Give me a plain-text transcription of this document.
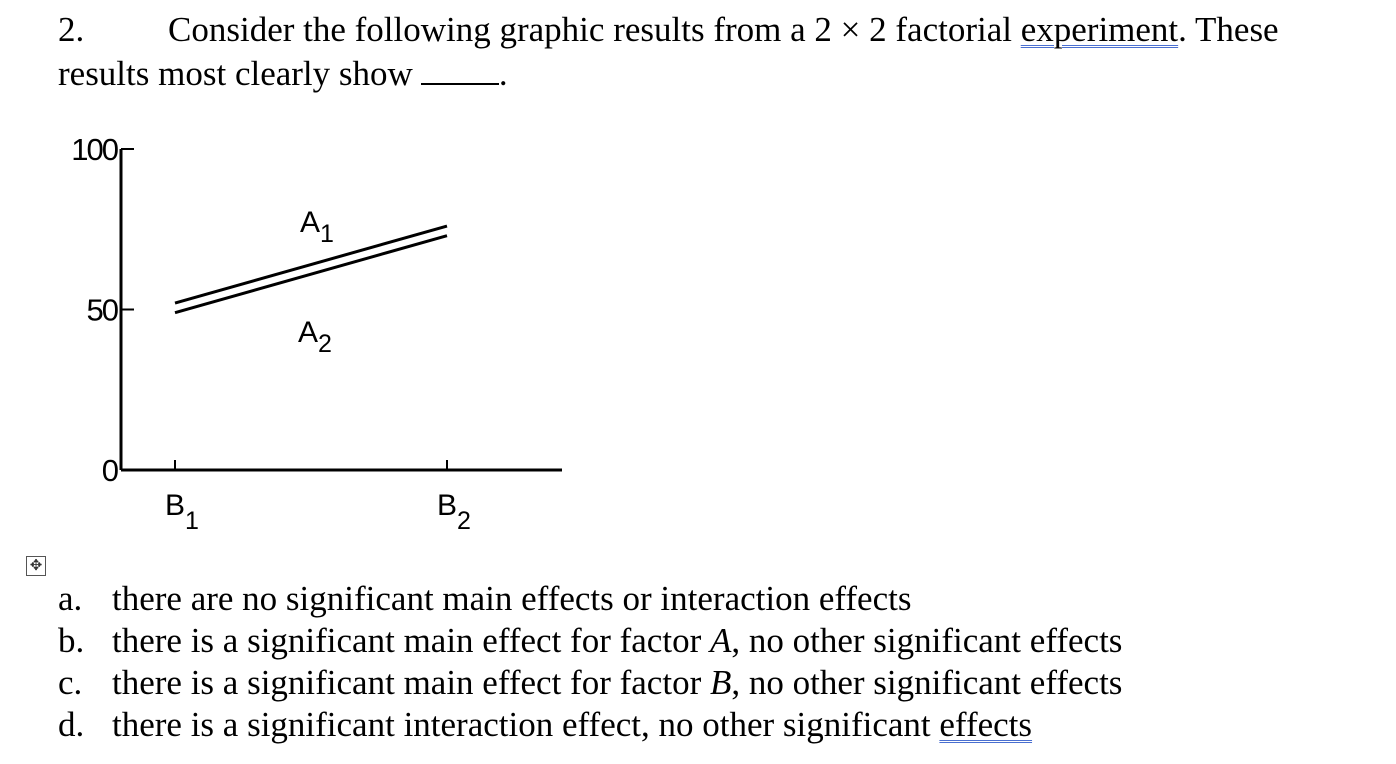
2. Consider the following graphic results from a 2 × 2 factorial experiment. These
results most clearly show .
0
50
100
$B_1$	$B_2$
$A_1$
$A_2$
✥
a. there are no significant main effects or interaction effects
b. there is a significant main effect for factor A, no other significant effects
c. there is a significant main effect for factor B, no other significant effects
d. there is a significant interaction effect, no other significant effects
